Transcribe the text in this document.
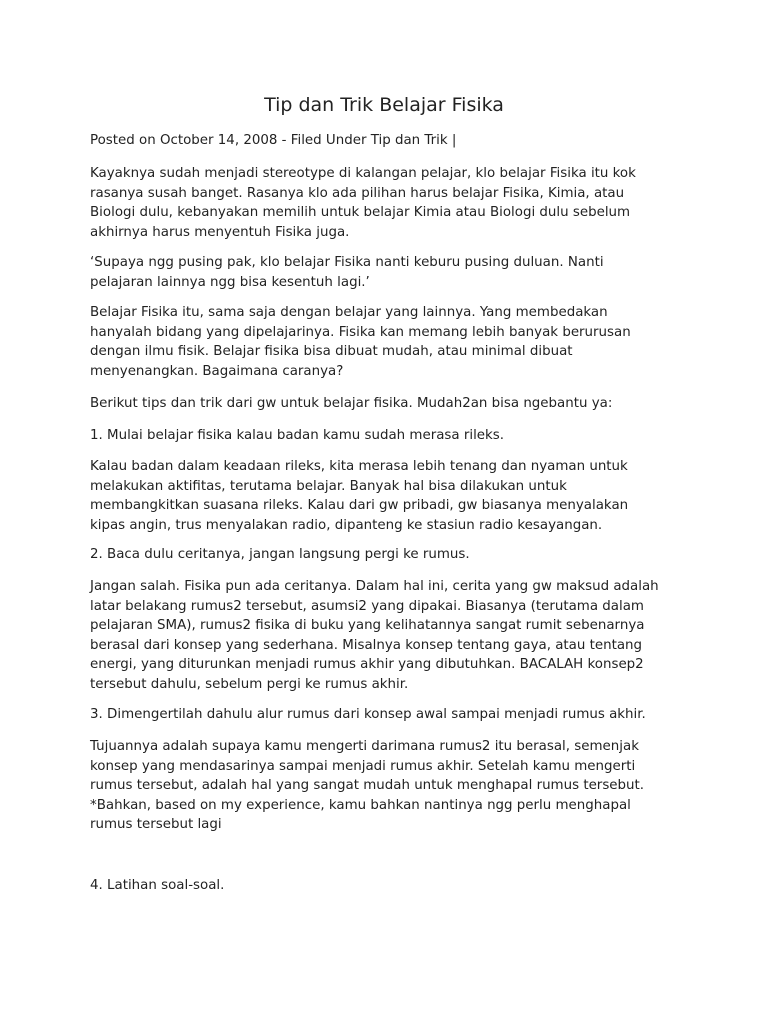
Tip dan Trik Belajar Fisika
Posted on October 14, 2008 - Filed Under Tip dan Trik |
Kayaknya sudah menjadi stereotype di kalangan pelajar, klo belajar Fisika itu kok
rasanya susah banget. Rasanya klo ada pilihan harus belajar Fisika, Kimia, atau
Biologi dulu, kebanyakan memilih untuk belajar Kimia atau Biologi dulu sebelum
akhirnya harus menyentuh Fisika juga.
‘Supaya ngg pusing pak, klo belajar Fisika nanti keburu pusing duluan. Nanti
pelajaran lainnya ngg bisa kesentuh lagi.’
Belajar Fisika itu, sama saja dengan belajar yang lainnya. Yang membedakan
hanyalah bidang yang dipelajarinya. Fisika kan memang lebih banyak berurusan
dengan ilmu fisik. Belajar fisika bisa dibuat mudah, atau minimal dibuat
menyenangkan. Bagaimana caranya?
Berikut tips dan trik dari gw untuk belajar fisika. Mudah2an bisa ngebantu ya:
1. Mulai belajar fisika kalau badan kamu sudah merasa rileks.
Kalau badan dalam keadaan rileks, kita merasa lebih tenang dan nyaman untuk
melakukan aktifitas, terutama belajar. Banyak hal bisa dilakukan untuk
membangkitkan suasana rileks. Kalau dari gw pribadi, gw biasanya menyalakan
kipas angin, trus menyalakan radio, dipanteng ke stasiun radio kesayangan.
2. Baca dulu ceritanya, jangan langsung pergi ke rumus.
Jangan salah. Fisika pun ada ceritanya. Dalam hal ini, cerita yang gw maksud adalah
latar belakang rumus2 tersebut, asumsi2 yang dipakai. Biasanya (terutama dalam
pelajaran SMA), rumus2 fisika di buku yang kelihatannya sangat rumit sebenarnya
berasal dari konsep yang sederhana. Misalnya konsep tentang gaya, atau tentang
energi, yang diturunkan menjadi rumus akhir yang dibutuhkan. BACALAH konsep2
tersebut dahulu, sebelum pergi ke rumus akhir.
3. Dimengertilah dahulu alur rumus dari konsep awal sampai menjadi rumus akhir.
Tujuannya adalah supaya kamu mengerti darimana rumus2 itu berasal, semenjak
konsep yang mendasarinya sampai menjadi rumus akhir. Setelah kamu mengerti
rumus tersebut, adalah hal yang sangat mudah untuk menghapal rumus tersebut.
*Bahkan, based on my experience, kamu bahkan nantinya ngg perlu menghapal
rumus tersebut lagi
4. Latihan soal-soal.
